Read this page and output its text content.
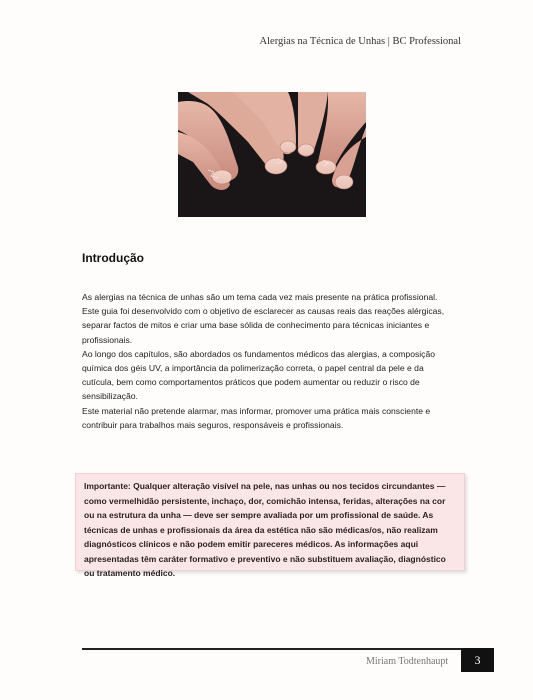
Alergias na Técnica de Unhas | BC Professional
Introdução

As alergias na técnica de unhas são um tema cada vez mais presente na prática profissional. Este guia foi desenvolvido com o objetivo de esclarecer as causas reais das reações alérgicas, separar factos de mitos e criar uma base sólida de conhecimento para técnicas iniciantes e profissionais.

Ao longo dos capítulos, são abordados os fundamentos médicos das alergias, a composição química dos géis UV, a importância da polimerização correta, o papel central da pele e da cutícula, bem como comportamentos práticos que podem aumentar ou reduzir o risco de sensibilização.

Este material não pretende alarmar, mas informar, promover uma prática mais consciente e contribuir para trabalhos mais seguros, responsáveis e profissionais.

Importante: Qualquer alteração visível na pele, nas unhas ou nos tecidos circundantes — como vermelhidão persistente, inchaço, dor, comichão intensa, feridas, alterações na cor ou na estrutura da unha — deve ser sempre avaliada por um profissional de saúde. As técnicas de unhas e profissionais da área da estética não são médicas/os, não realizam diagnósticos clínicos e não podem emitir pareceres médicos. As informações aqui apresentadas têm caráter formativo e preventivo e não substituem avaliação, diagnóstico ou tratamento médico.
Miriam Todtenhaupt	3
